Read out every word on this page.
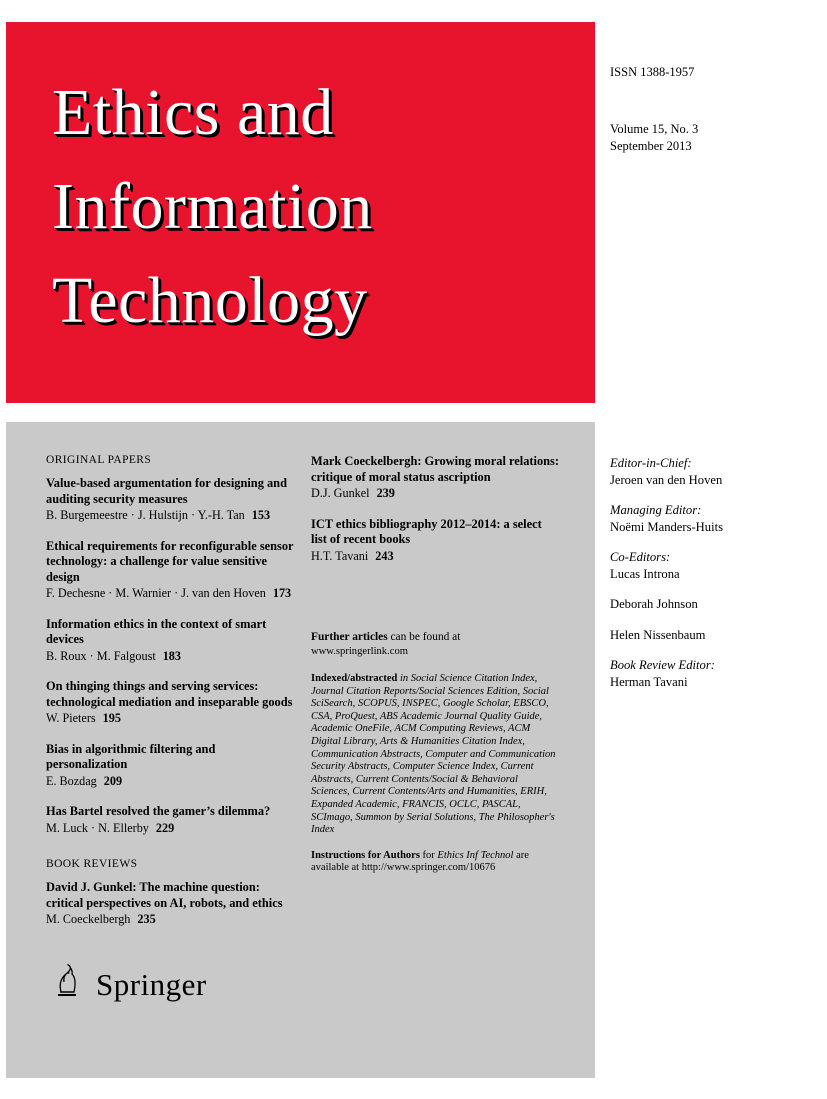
Ethics and
Information
Technology
ISSN 1388-1957
Volume 15, No. 3
September 2013
ORIGINAL PAPERS

Value-based argumentation for designing and auditing security measures

B. Burgemeestre · J. Hulstijn · Y.-H. Tan 153

Ethical requirements for reconfigurable sensor technology: a challenge for value sensitive design

F. Dechesne · M. Warnier · J. van den Hoven 173

Information ethics in the context of smart devices

B. Roux · M. Falgoust 183

On thinging things and serving services: technological mediation and inseparable goods

W. Pieters 195

Bias in algorithmic filtering and personalization

E. Bozdag 209

Has Bartel resolved the gamer’s dilemma?

M. Luck · N. Ellerby 229

BOOK REVIEWS

David J. Gunkel: The machine question: critical perspectives on AI, robots, and ethics

M. Coeckelbergh 235

Mark Coeckelbergh: Growing moral relations: critique of moral status ascription

D.J. Gunkel 239

ICT ethics bibliography 2012–2014: a select list of recent books

H.T. Tavani 243

Further articles can be found at
www.springerlink.com
Indexed/abstracted in Social Science Citation Index, Journal Citation Reports/Social Sciences Edition, Social SciSearch, SCOPUS, INSPEC, Google Scholar, EBSCO, CSA, ProQuest, ABS Academic Journal Quality Guide, Academic OneFile, ACM Computing Reviews, ACM Digital Library, Arts & Humanities Citation Index, Communication Abstracts, Computer and Communication Security Abstracts, Computer Science Index, Current Abstracts, Current Contents/Social & Behavioral Sciences, Current Contents/Arts and Humanities, ERIH, Expanded Academic, FRANCIS, OCLC, PASCAL, SCImago, Summon by Serial Solutions, The Philosopher's Index
Instructions for Authors for Ethics Inf Technol are available at http://www.springer.com/10676
Springer

Editor-in-Chief:

Jeroen van den Hoven

Managing Editor:

Noëmi Manders-Huits

Co-Editors:

Lucas Introna

Deborah Johnson

Helen Nissenbaum

Book Review Editor:

Herman Tavani
